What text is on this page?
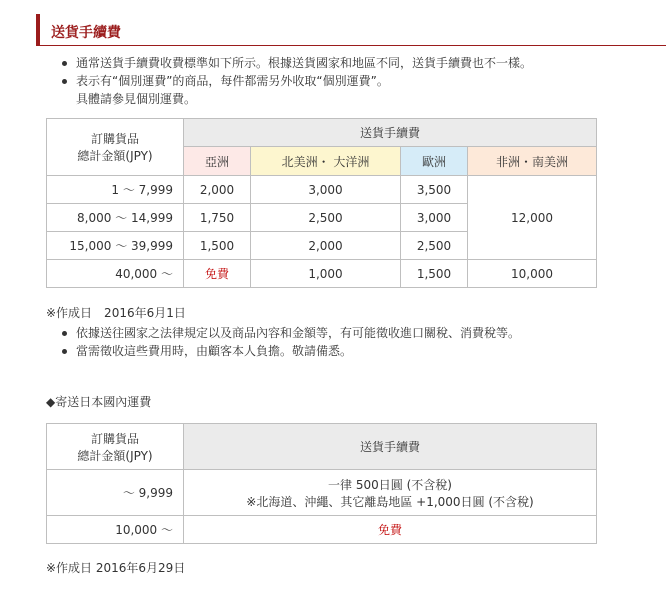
送貨手續費
通常送貨手續費收費標準如下所示。根據送貨國家和地區不同，送貨手續費也不一樣。
表示有“個別運費”的商品，每件都需另外收取“個別運費”。
具體請參見個別運費。
訂購貨品
總計金額(JPY)	送貨手續費			
	亞洲	北美洲・ 大洋洲	歐洲	非洲・南美洲
1 ～ 7,999	2,000	3,000	3,500	12,000
8,000 ～ 14,999	1,750	2,500	3,000	
15,000 ～ 39,999	1,500	2,000	2,500	
40,000 ～	免費	1,000	1,500	10,000
※作成日　2016年6月1日
依據送往國家之法律規定以及商品內容和金額等，有可能徵收進口關稅、消費稅等。
當需徵收這些費用時，由顧客本人負擔。敬請備悉。
◆寄送日本國內運費
訂購貨品
總計金額(JPY)	送貨手續費
～ 9,999	一律 500日圓 (不含稅)
※北海道、沖繩、其它離島地區 +1,000日圓 (不含稅)

10,000 ～	免費
※作成日 2016年6月29日
